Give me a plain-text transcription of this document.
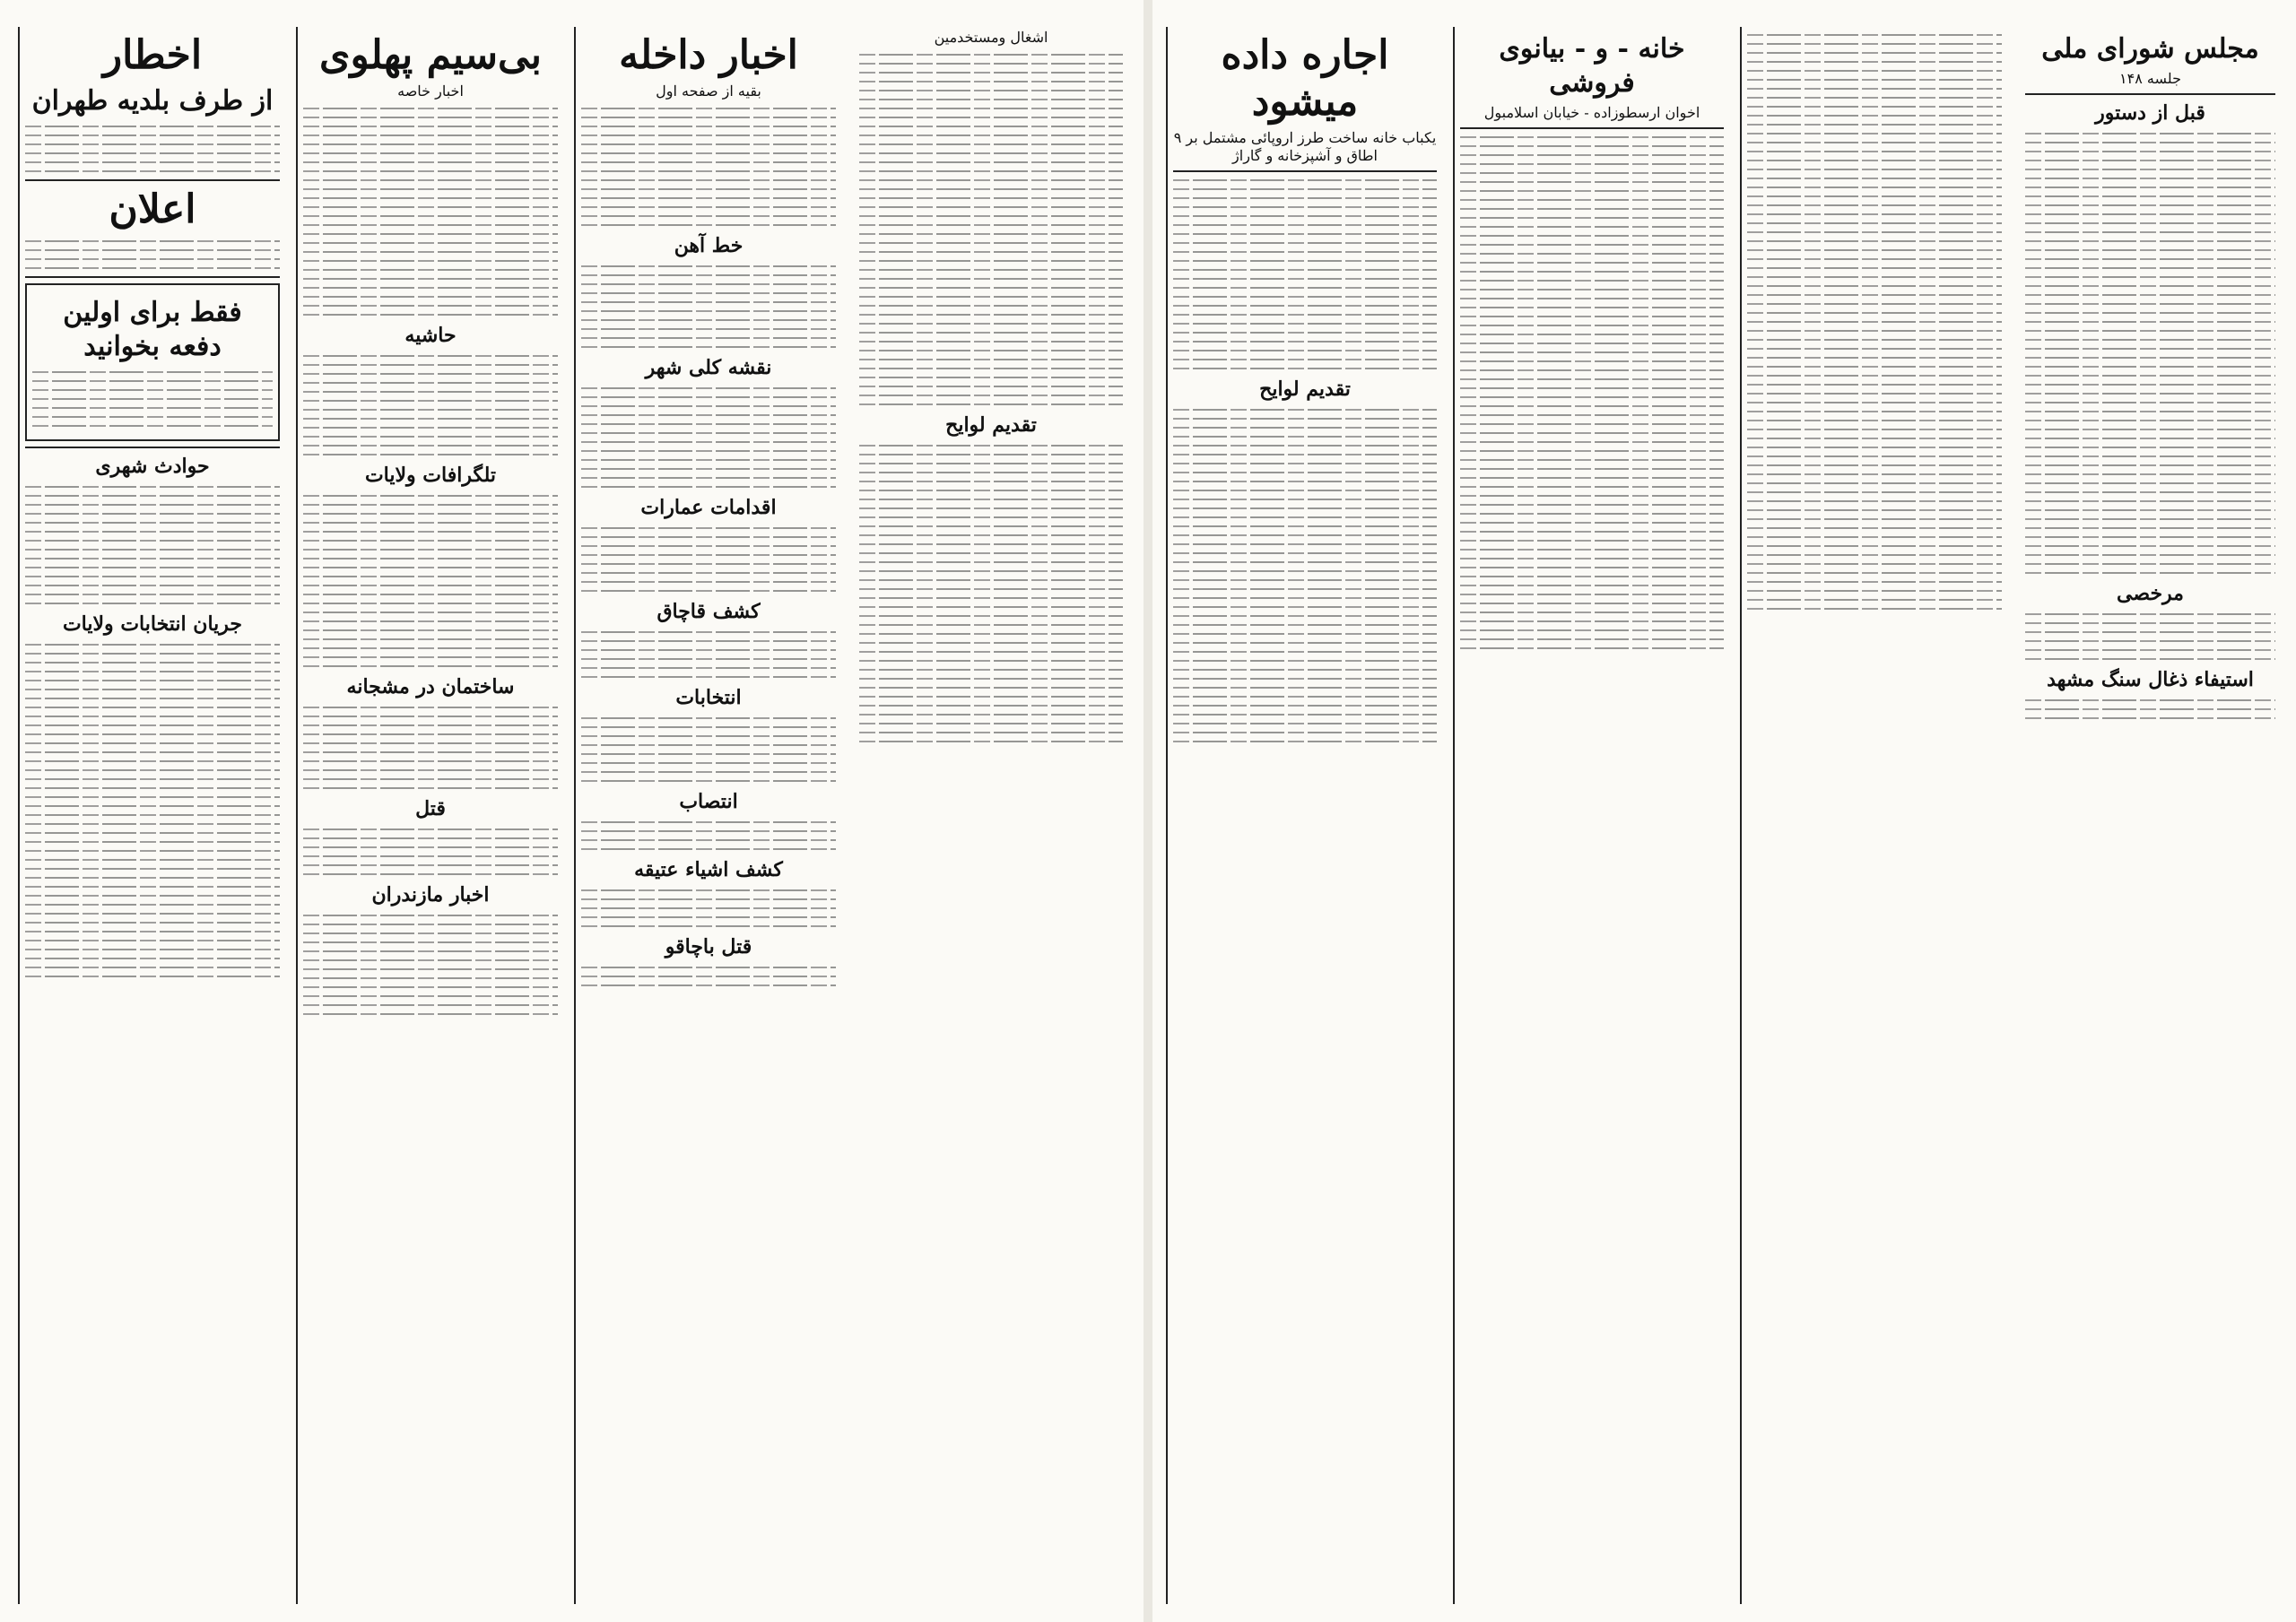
اخطار
از طرف بلدیه طهران
اعلان
فقط برای اولین دفعه بخوانید
حوادث شهری
جریان انتخابات ولایات
بی‌سیم پهلوی
اخبار خاصه
حاشیه
تلگرافات ولایات
ساختمان در مشجانه
قتل
اخبار مازندران
اخبار داخله
بقیه از صفحه اول
خط آهن
نقشه کلی شهر
اقدامات عمارات
کشف قاچاق
انتخابات
انتصاب
کشف اشیاء عتیقه
قتل باچاقو
اشغال ومستخدمین
تقدیم لوایح
اجاره داده میشود
یکباب خانه ساخت طرز اروپائی مشتمل بر ۹ اطاق و آشپزخانه و گاراژ
تقدیم لوایح
خانه - و - بیانوی فروشی
اخوان ارسطوزاده - خیابان اسلامبول
مجلس شورای ملی
جلسه ۱۴۸
قبل از دستور
مرخصی
استیفاء ذغال سنگ مشهد
